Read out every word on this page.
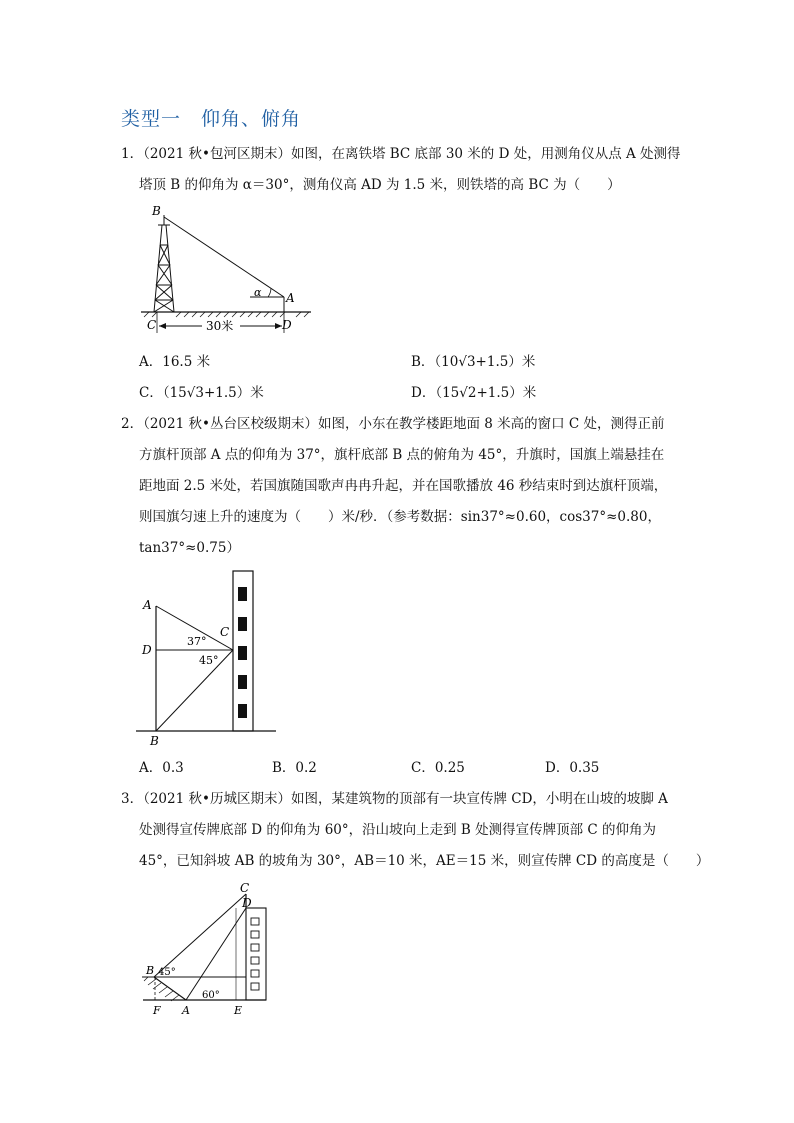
类型一　仰角、俯角
1．（2021 秋•包河区期末）如图，在离铁塔 BC 底部 30 米的 D 处，用测角仪从点 A 处测得
塔顶 B 的仰角为 α＝30°，测角仪高 AD 为 1.5 米，则铁塔的高 BC 为（　　）
B
C	D
A
α
30米
A．16.5 米	B．（10√3+1.5）米
C．（15√3+1.5）米	D．（15√2+1.5）米
2．（2021 秋•丛台区校级期末）如图，小东在教学楼距地面 8 米高的窗口 C 处，测得正前
方旗杆顶部 A 点的仰角为 37°，旗杆底部 B 点的俯角为 45°，升旗时，国旗上端悬挂在
距地面 2.5 米处，若国旗随国歌声冉冉升起，并在国歌播放 46 秒结束时到达旗杆顶端，
则国旗匀速上升的速度为（　　）米/秒．（参考数据：sin37°≈0.60，cos37°≈0.80，
tan37°≈0.75）
A
D
C
B
37°
45°
A．0.3	B．0.2	C．0.25	D．0.35
3．（2021 秋•历城区期末）如图，某建筑物的顶部有一块宣传牌 CD，小明在山坡的坡脚 A
处测得宣传牌底部 D 的仰角为 60°，沿山坡向上走到 B 处测得宣传牌顶部 C 的仰角为
45°，已知斜坡 AB 的坡角为 30°，AB＝10 米，AE＝15 米，则宣传牌 CD 的高度是（　　）
C
D
B 45°
60°
F A	E
